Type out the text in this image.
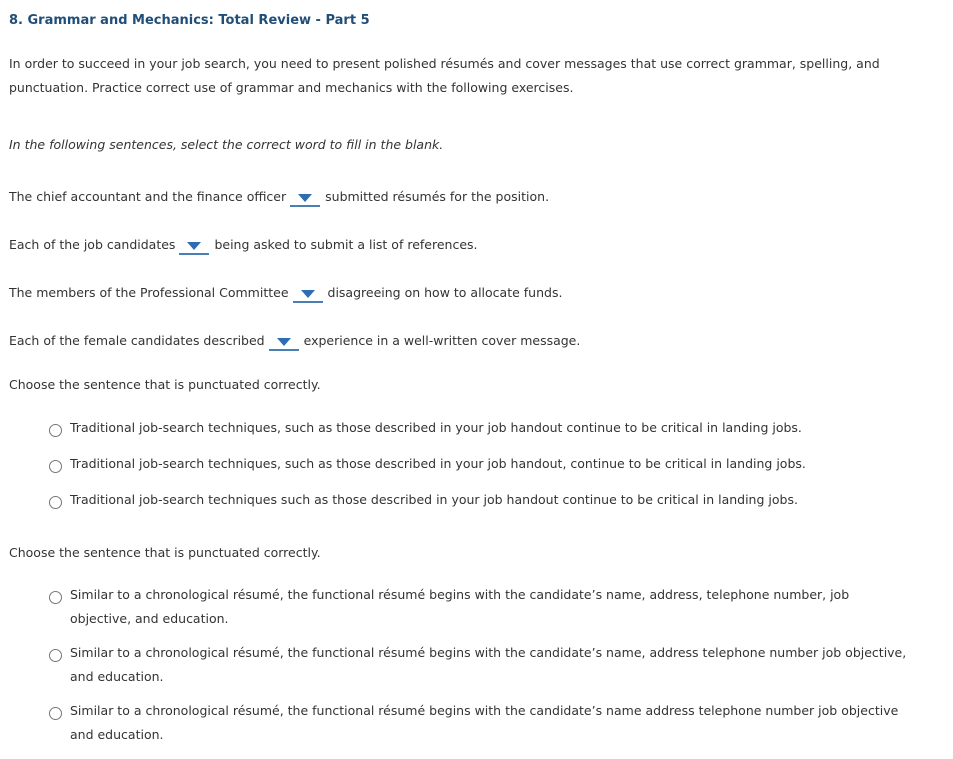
8. Grammar and Mechanics: Total Review - Part 5
In order to succeed in your job search, you need to present polished résumés and cover messages that use correct grammar, spelling, and punctuation. Practice correct use of grammar and mechanics with the following exercises.
In the following sentences, select the correct word to fill in the blank.
The chief accountant and the finance officer	submitted résumés for the position.
Each of the job candidates	being asked to submit a list of references.
The members of the Professional Committee	disagreeing on how to allocate funds.
Each of the female candidates described	experience in a well-written cover message.
Choose the sentence that is punctuated correctly.
Traditional job-search techniques, such as those described in your job handout continue to be critical in landing jobs.
Traditional job-search techniques, such as those described in your job handout, continue to be critical in landing jobs.
Traditional job-search techniques such as those described in your job handout continue to be critical in landing jobs.
Choose the sentence that is punctuated correctly.
Similar to a chronological résumé, the functional résumé begins with the candidate’s name, address, telephone number, job objective, and education.
Similar to a chronological résumé, the functional résumé begins with the candidate’s name, address telephone number job objective, and education.
Similar to a chronological résumé, the functional résumé begins with the candidate’s name address telephone number job objective and education.
